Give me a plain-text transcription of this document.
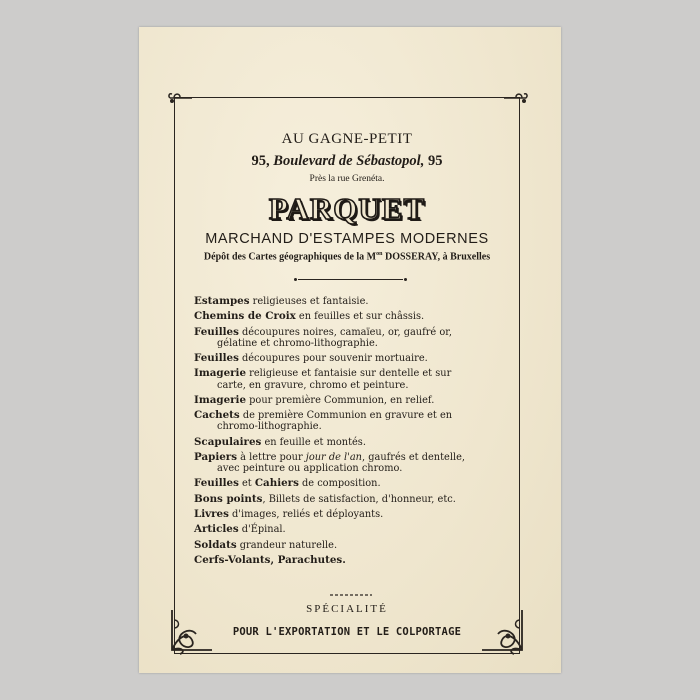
AU GAGNE-PETIT
95, Boulevard de Sébastopol, 95
Près la rue Grenéta.
PARQUET
MARCHAND D'ESTAMPES MODERNES
Dépôt des Cartes géographiques de la $M^{on}$ DOSSERAY, à Bruxelles
Estampes religieuses et fantaisie.
Chemins de Croix en feuilles et sur châssis.
Feuilles découpures noires, camaïeu, or, gaufré or,
gélatine et chromo-lithographie.
Feuilles découpures pour souvenir mortuaire.
Imagerie religieuse et fantaisie sur dentelle et sur
carte, en gravure, chromo et peinture.
Imagerie pour première Communion, en relief.
Cachets de première Communion en gravure et en
chromo-lithographie.
Scapulaires en feuille et montés.
Papiers à lettre pour jour de l'an, gaufrés et dentelle,
avec peinture ou application chromo.
Feuilles et Cahiers de composition.
Bons points, Billets de satisfaction, d'honneur, etc.
Livres d'images, reliés et déployants.
Articles d'Épinal.
Soldats grandeur naturelle.
Cerfs-Volants, Parachutes.
SPÉCIALITÉ
POUR L'EXPORTATION ET LE COLPORTAGE
